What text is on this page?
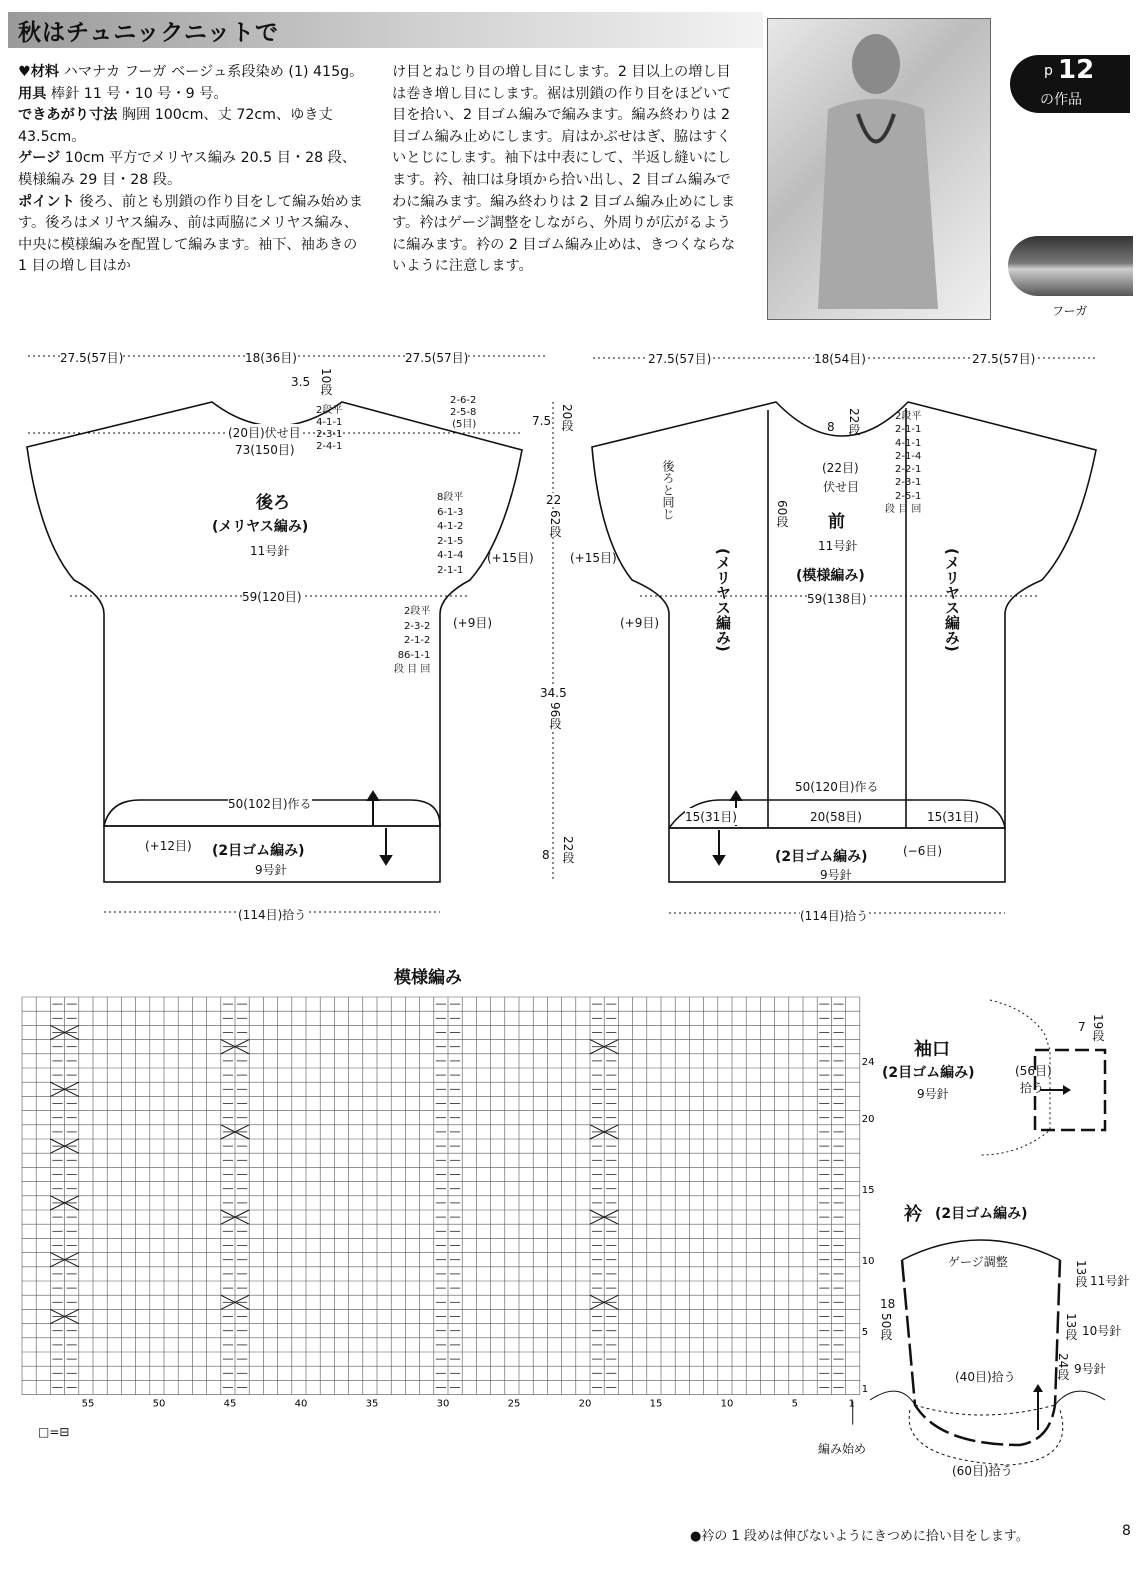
秋はチュニックニットで
♥材料 ハマナカ フーガ ベージュ系段染め (1) 415g。
用具 棒針 11 号・10 号・9 号。
できあがり寸法 胸囲 100cm、丈 72cm、ゆき丈 43.5cm。
ゲージ 10cm 平方でメリヤス編み 20.5 目・28 段、模様編み 29 目・28 段。
ポイント 後ろ、前とも別鎖の作り目をして編み始めます。後ろはメリヤス編み、前は両脇にメリヤス編み、中央に模様編みを配置して編みます。袖下、袖あきの 1 目の増し目はか
け目とねじり目の増し目にします。2 目以上の増し目は巻き増し目にします。裾は別鎖の作り目をほどいて目を拾い、2 目ゴム編みで編みます。編み終わりは 2 目ゴム編み止めにします。肩はかぶせはぎ、脇はすくいとじにします。袖下は中表にして、半返し縫いにします。衿、袖口は身頃から拾い出し、2 目ゴム編みでわに編みます。編み終わりは 2 目ゴム編み止めにします。衿はゲージ調整をしながら、外周りが広がるように編みます。衿の 2 目ゴム編み止めは、きつくならないように注意します。
p 12
の作品
フーガ
27.5(57目)	18(36目)	27.5(57目)
3.5 10段
(20目)伏せ目
73(150目)
後ろ
(メリヤス編み)
11号針
59(120目)
50(102目)作る
(+12目) (2目ゴム編み)
9号針
(114目)拾う
(+15目)
(+9目)
2段平
4-1-1
2-3-1
2-4-1
2-6-2
2-5-8
(5目)
8段平
6-1-3
4-1-2
2-1-5
4-1-4
2-1-1
2段平
2-3-2
2-1-2
86-1-1
段 目 回
7.5 20段
22
62段
34.5
96段
8 22段
27.5(57目)	18(54目)	27.5(57目)
8 22段
(22目)
伏せ目
後ろと同じ	60段 前
11号針
(模様編み)
(メリヤス編み)	(メリヤス編み)
59(138目)
50(120目)作る
15(31目)	20(58目)	15(31目)
(−6目)
(2目ゴム編み)
9号針
(114目)拾う
(+15目)
(+9目)
2段平
2-1-1
4-1-1
2-1-4
2-2-1
2-3-1
2-5-1
段 目 回
模様編み
55	50	45	40	35	30	25	20	15	10	5	1
24
20
15
10
5
1
□=⊟
編み始め
袖口
(2目ゴム編み)
9号針
(56目)
拾う
7 19段
衿 (2目ゴム編み)
ゲージ調整
18
50段
13段 11号針
13段 10号針
24段 9号針
(40目)拾う
(60目)拾う
●衿の 1 段めは伸びないようにきつめに拾い目をします。	8
